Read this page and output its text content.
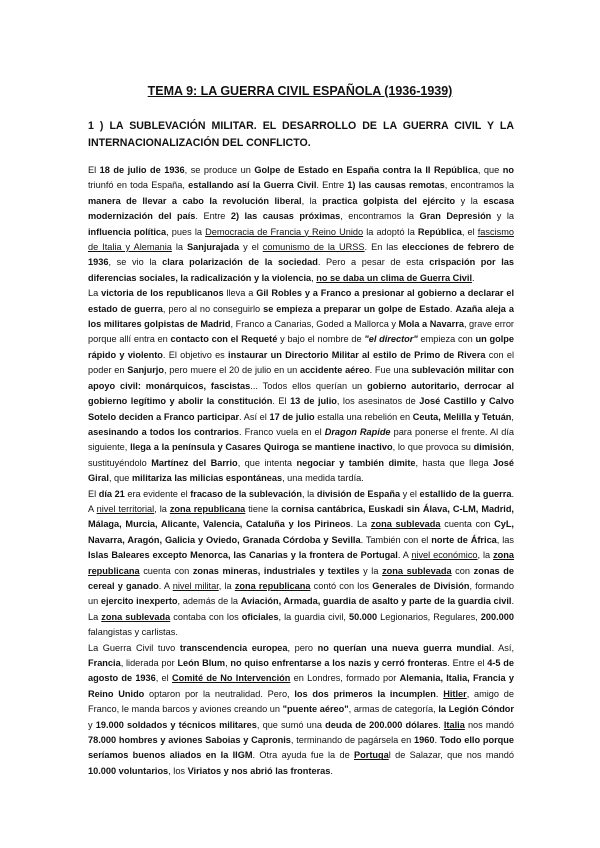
TEMA 9: LA GUERRA CIVIL ESPAÑOLA (1936-1939)
1 ) LA SUBLEVACIÓN MILITAR. EL DESARROLLO DE LA GUERRA CIVIL Y LA INTERNACIONALIZACIÓN DEL CONFLICTO.

El 18 de julio de 1936, se produce un Golpe de Estado en España contra la II República, que no triunfó en toda España, estallando así la Guerra Civil. Entre 1) las causas remotas, encontramos la manera de llevar a cabo la revolución liberal, la practica golpista del ejército y la escasa modernización del país. Entre 2) las causas próximas, encontramos la Gran Depresión y la influencia política, pues la Democracia de Francia y Reino Unido la adoptó la República, el fascismo de Italia y Alemania la Sanjurajada y el comunismo de la URSS. En las elecciones de febrero de 1936, se vio la clara polarización de la sociedad. Pero a pesar de esta crispación por las diferencias sociales, la radicalización y la violencia, no se daba un clima de Guerra Civil.

La victoria de los republicanos lleva a Gil Robles y a Franco a presionar al gobierno a declarar el estado de guerra, pero al no conseguirlo se empieza a preparar un golpe de Estado. Azaña aleja a los militares golpistas de Madrid, Franco a Canarias, Goded a Mallorca y Mola a Navarra, grave error porque allí entra en contacto con el Requeté y bajo el nombre de "el director" empieza con un golpe rápido y violento. El objetivo es instaurar un Directorio Militar al estilo de Primo de Rivera con el poder en Sanjurjo, pero muere el 20 de julio en un accidente aéreo. Fue una sublevación militar con apoyo civil: monárquicos, fascistas... Todos ellos querían un gobierno autoritario, derrocar al gobierno legítimo y abolir la constitución. El 13 de julio, los asesinatos de José Castillo y Calvo Sotelo deciden a Franco participar. Así el 17 de julio estalla una rebelión en Ceuta, Melilla y Tetuán, asesinando a todos los contrarios. Franco vuela en el Dragon Rapide para ponerse el frente. Al día siguiente, llega a la península y Casares Quiroga se mantiene inactivo, lo que provoca su dimisión, sustituyéndolo Martínez del Barrio, que intenta negociar y también dimite, hasta que llega José Giral, que militariza las milicias espontáneas, una medida tardía.

El día 21 era evidente el fracaso de la sublevación, la división de España y el estallido de la guerra. A nivel territorial, la zona republicana tiene la cornisa cantábrica, Euskadi sin Álava, C-LM, Madrid, Málaga, Murcia, Alicante, Valencia, Cataluña y los Pirineos. La zona sublevada cuenta con CyL, Navarra, Aragón, Galicia y Oviedo, Granada Córdoba y Sevilla. También con el norte de África, las Islas Baleares excepto Menorca, las Canarias y la frontera de Portugal. A nivel económico, la zona republicana cuenta con zonas mineras, industriales y textiles y la zona sublevada con zonas de cereal y ganado. A nivel militar, la zona republicana contó con los Generales de División, formando un ejercito inexperto, además de la Aviación, Armada, guardia de asalto y parte de la guardia civil. La zona sublevada contaba con los oficiales, la guardia civil, 50.000 Legionarios, Regulares, 200.000 falangistas y carlistas.

La Guerra Civil tuvo transcendencia europea, pero no querían una nueva guerra mundial. Así, Francia, liderada por León Blum, no quiso enfrentarse a los nazis y cerró fronteras. Entre el 4-5 de agosto de 1936, el Comité de No Intervención en Londres, formado por Alemania, Italia, Francia y Reino Unido optaron por la neutralidad. Pero, los dos primeros la incumplen. Hitler, amigo de Franco, le manda barcos y aviones creando un "puente aéreo", armas de categoría, la Legión Cóndor y 19.000 soldados y técnicos militares, que sumó una deuda de 200.000 dólares. Italia nos mandó 78.000 hombres y aviones Saboias y Capronis, terminando de pagársela en 1960. Todo ello porque seríamos buenos aliados en la IIGM. Otra ayuda fue la de Portugal de Salazar, que nos mandó 10.000 voluntarios, los Viriatos y nos abrió las fronteras.
